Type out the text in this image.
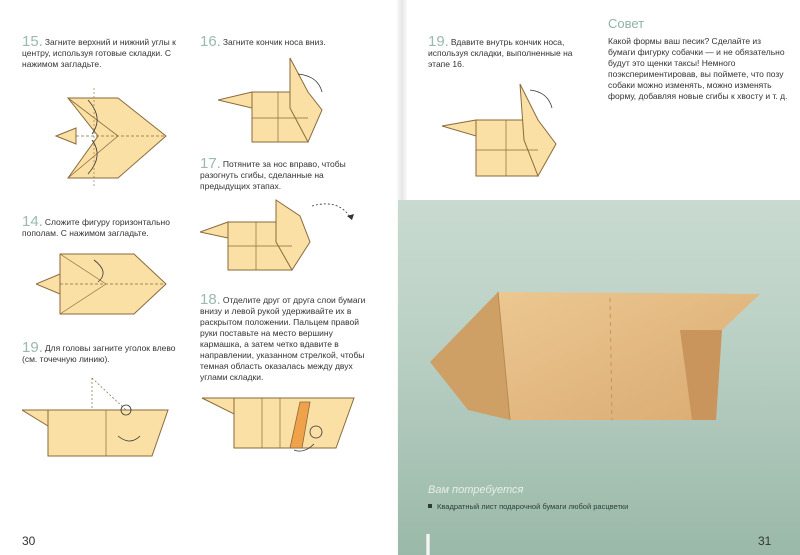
15. Загните верхний и нижний углы к центру, используя готовые складки. С нажимом загладьте.
16. Загните кончик носа вниз.
17. Потяните за нос вправо, чтобы разогнуть сгибы, сделанные на предыдущих этапах.
18. Отделите друг от друга слои бумаги внизу и левой рукой удерживайте их в раскрытом положении. Пальцем правой руки поставьте на место вершину кармашка, а затем четко вдавите в направлении, указанном стрелкой, чтобы темная область оказалась между двух углами складки.
14. Сложите фигуру горизонтально пополам. С нажимом загладьте.
19. Для головы загните уголок влево (см. точечную линию).
19. Вдавите внутрь кончик носа, используя складки, выполненные на этапе 16.
Совет
Какой формы ваш песик? Сделайте из бумаги фигурку собачки — и не обязательно будут это щенки таксы! Немного поэкспериментировав, вы поймете, что позу собаки можно изменять, можно изменять форму, добавляя новые сгибы к хвосту и т. д.
Вам потребуется
Квадратный лист подарочной бумаги любой расцветки
30	31
